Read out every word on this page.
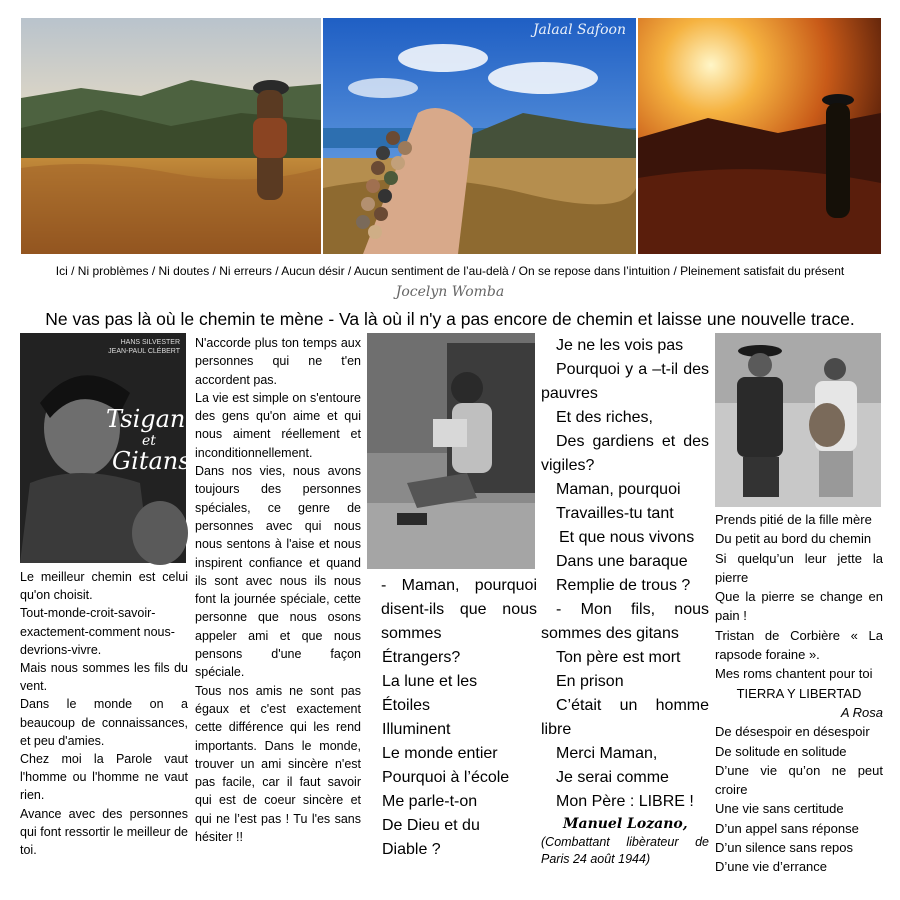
Jalaal Safoon
Ici / Ni problèmes / Ni doutes / Ni erreurs / Aucun désir / Aucun sentiment de l’au-delà / On se repose dans l’intuition / Pleinement satisfait du présent
Jocelyn Womba
Ne vas pas là où le chemin te mène - Va là où il n'y a pas encore de chemin et laisse une nouvelle trace.
HANS SILVESTER
JEAN-PAUL CLÉBERT
Tsiganes
et
Gitans

Le meilleur chemin est celui qu'on choisit.

Tout-monde-croit-savoir-exactement-comment nous-devrions-vivre.

Mais nous sommes les fils du vent.

Dans le monde on a beaucoup de connaissances, et peu d'amies.

Chez moi la Parole vaut l'homme ou l'homme ne vaut rien.

Avance avec des personnes qui font ressortir le meilleur de toi.

N'accorde plus ton temps aux personnes qui ne t'en accordent pas.

La vie est simple on s'entoure des gens qu'on aime et qui nous aiment réellement et inconditionnellement.

Dans nos vies, nous avons toujours des personnes spéciales, ce genre de personnes avec qui nous nous sentons à l'aise et nous inspirent confiance et quand ils sont avec nous ils nous font la journée spéciale, cette personne que nous osons appeler ami et que nous pensons d'une façon spéciale.

Tous nos amis ne sont pas égaux et c'est exactement cette différence qui les rend importants. Dans le monde, trouver un ami sincère n'est pas facile, car il faut savoir qui est de coeur sincère et qui ne l’est pas ! Tu l'es sans hésiter !!

- Maman, pourquoi disent-ils que nous sommes
Étrangers?
La lune et les
Étoiles
Illuminent
Le monde entier
Pourquoi à l’école
Me parle-t-on
De Dieu et du
Diable ?
Je ne les vois pas
Pourquoi y a –t-il des pauvres
Et des riches,
Des gardiens et des vigiles?
Maman, pourquoi
Travailles-tu tant
Et que nous vivons
Dans une baraque
Remplie de trous ?
- Mon fils, nous sommes des gitans
Ton père est mort
En prison
C’était un homme libre
Merci Maman,
Je serai comme
Mon Père : LIBRE !
Manuel Lozano,
(Combattant libèrateur de Paris 24 août 1944)

Prends pitié de la fille mère

Du petit au bord du chemin

Si quelqu’un leur jette la pierre

Que la pierre se change en pain !

Tristan de Corbière « La rapsode foraine ».

Mes roms chantent pour toi

TIERRA Y LIBERTAD

A Rosa

De désespoir en désespoir

De solitude en solitude

D’une vie qu’on ne peut croire

Une vie sans certitude

D’un appel sans réponse

D’un silence sans repos

D’une vie d’errance
